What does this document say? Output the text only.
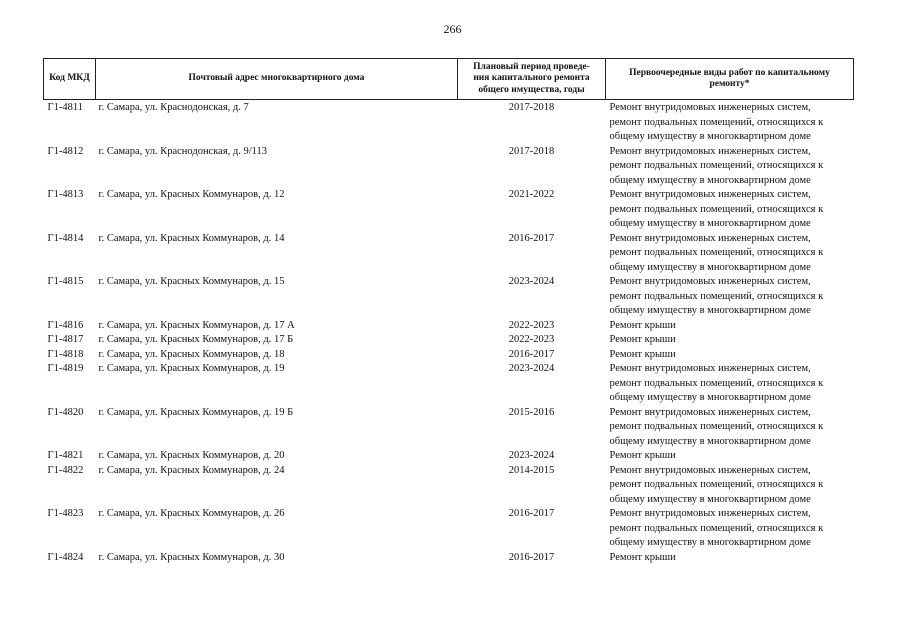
266
Код МКД	Почтовый адрес многоквартирного дома	Плановый период проведе-
ния капитального ремонта
общего имущества, годы	Первоочередные виды работ по капитальному
ремонту*

Г1-4811	г. Самара, ул. Краснодонская, д. 7	2017-2018	Ремонт внутридомовых инженерных систем,
ремонт подвальных помещений, относящихся к
общему имуществу в многоквартирном доме

Г1-4812	г. Самара, ул. Краснодонская, д. 9/113	2017-2018	Ремонт внутридомовых инженерных систем,
ремонт подвальных помещений, относящихся к
общему имуществу в многоквартирном доме

Г1-4813	г. Самара, ул. Красных Коммунаров, д. 12	2021-2022	Ремонт внутридомовых инженерных систем,
ремонт подвальных помещений, относящихся к
общему имуществу в многоквартирном доме

Г1-4814	г. Самара, ул. Красных Коммунаров, д. 14	2016-2017	Ремонт внутридомовых инженерных систем,
ремонт подвальных помещений, относящихся к
общему имуществу в многоквартирном доме

Г1-4815	г. Самара, ул. Красных Коммунаров, д. 15	2023-2024	Ремонт внутридомовых инженерных систем,
ремонт подвальных помещений, относящихся к
общему имуществу в многоквартирном доме

Г1-4816	г. Самара, ул. Красных Коммунаров, д. 17 А	2022-2023	Ремонт крыши

Г1-4817	г. Самара, ул. Красных Коммунаров, д. 17 Б	2022-2023	Ремонт крыши

Г1-4818	г. Самара, ул. Красных Коммунаров, д. 18	2016-2017	Ремонт крыши

Г1-4819	г. Самара, ул. Красных Коммунаров, д. 19	2023-2024	Ремонт внутридомовых инженерных систем,
ремонт подвальных помещений, относящихся к
общему имуществу в многоквартирном доме

Г1-4820	г. Самара, ул. Красных Коммунаров, д. 19 Б	2015-2016	Ремонт внутридомовых инженерных систем,
ремонт подвальных помещений, относящихся к
общему имуществу в многоквартирном доме

Г1-4821	г. Самара, ул. Красных Коммунаров, д. 20	2023-2024	Ремонт крыши

Г1-4822	г. Самара, ул. Красных Коммунаров, д. 24	2014-2015	Ремонт внутридомовых инженерных систем,
ремонт подвальных помещений, относящихся к
общему имуществу в многоквартирном доме

Г1-4823	г. Самара, ул. Красных Коммунаров, д. 26	2016-2017	Ремонт внутридомовых инженерных систем,
ремонт подвальных помещений, относящихся к
общему имуществу в многоквартирном доме

Г1-4824	г. Самара, ул. Красных Коммунаров, д. 30	2016-2017	Ремонт крыши
